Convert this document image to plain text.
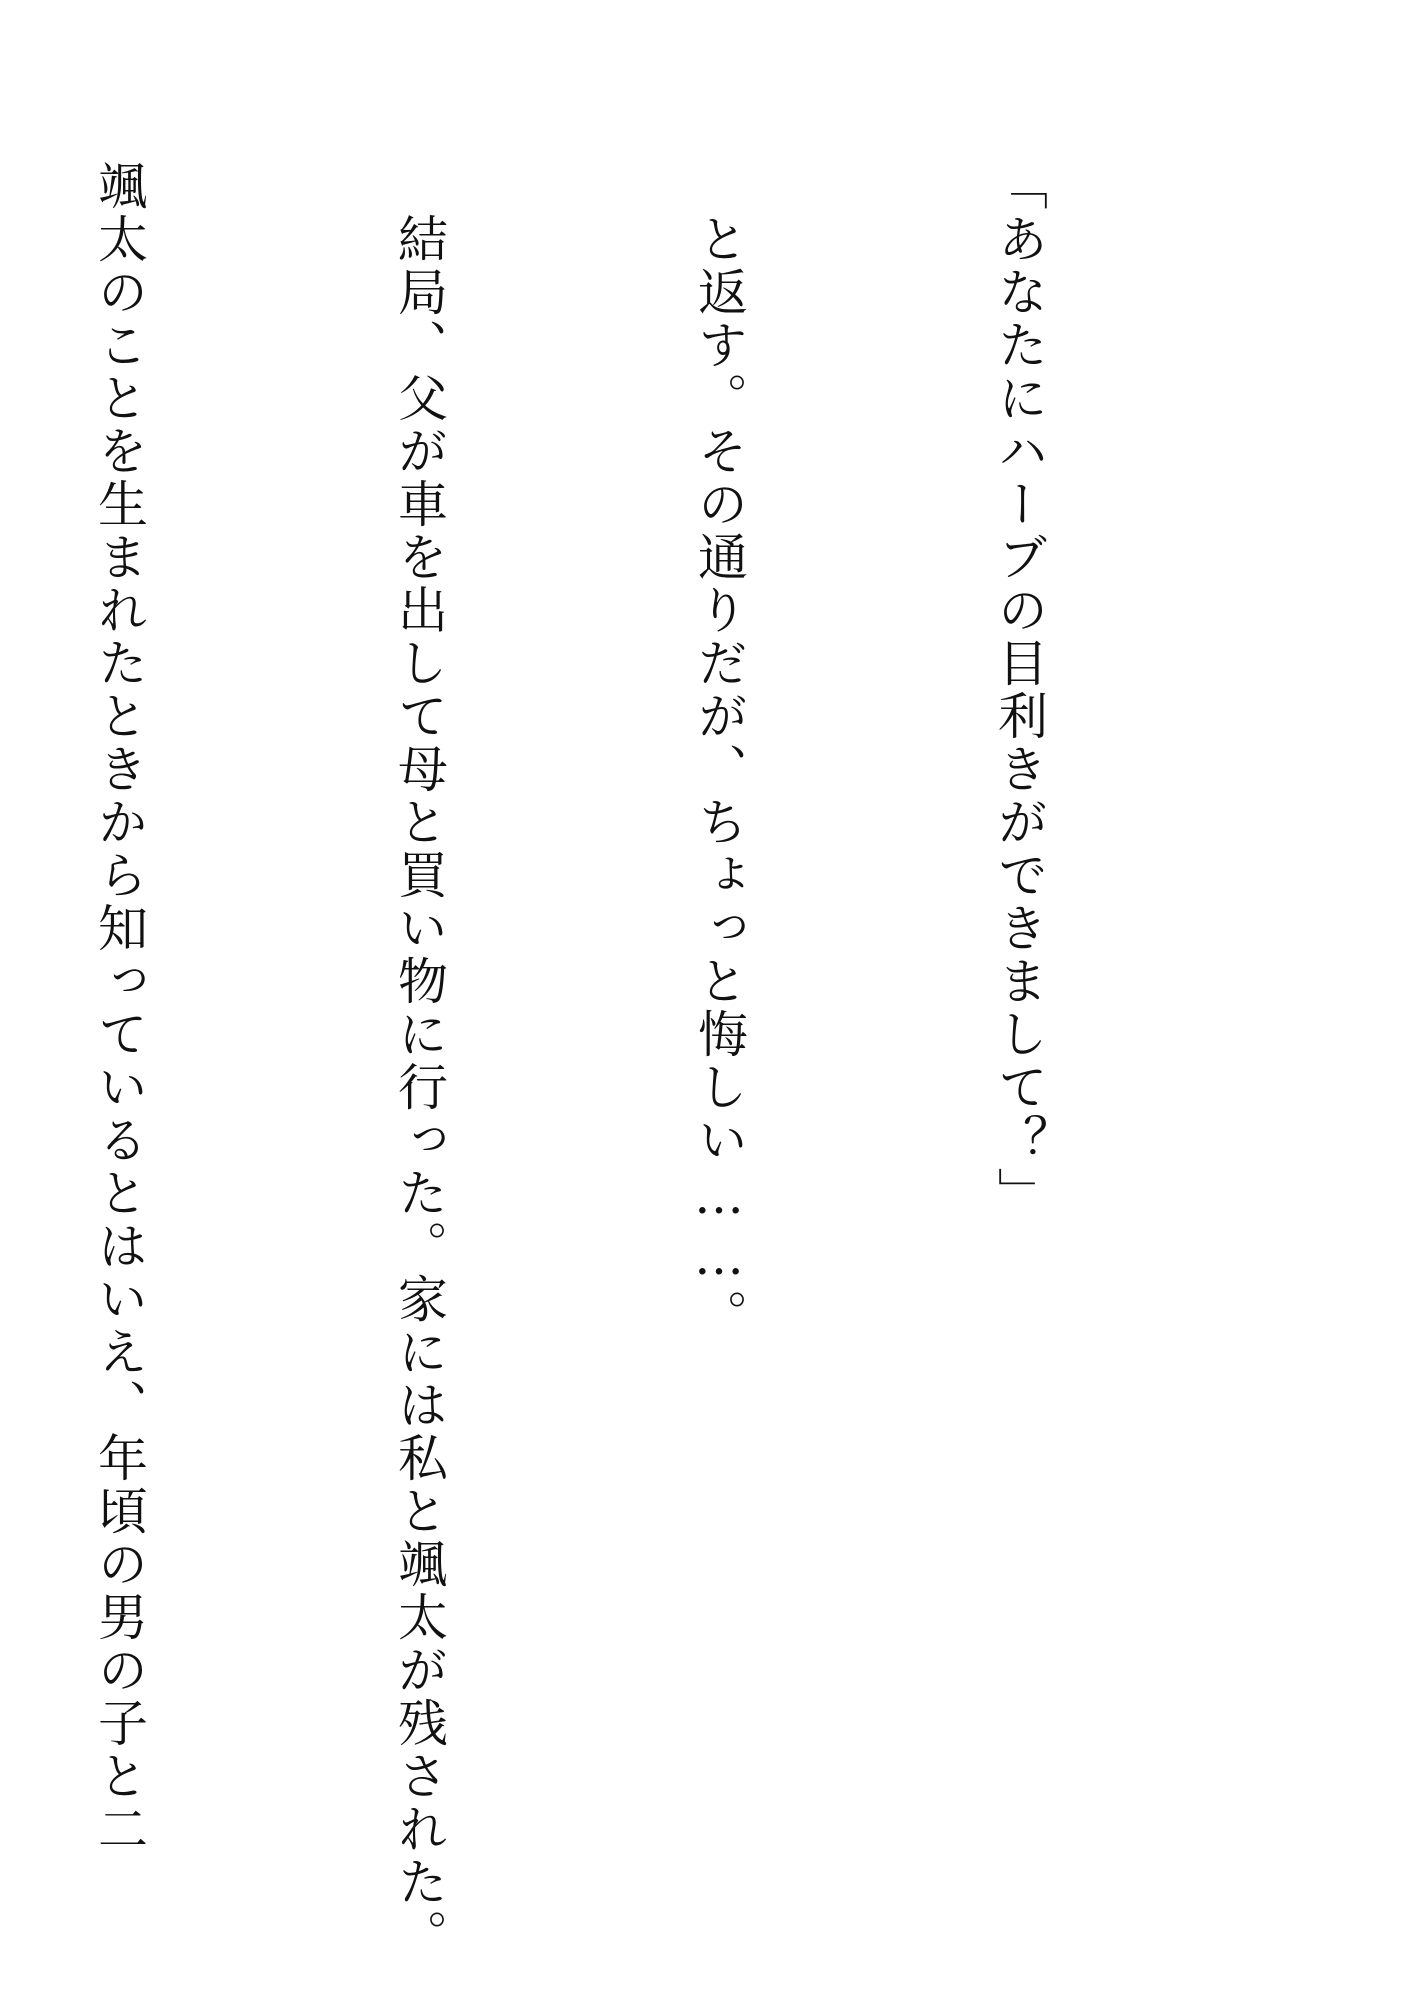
「あなたにハーブの目利きができまして？」

　と返す。その通りだが、ちょっと悔しい……。

　結局、父が車を出して母と買い物に行った。家には私と颯太が残された。

颯太のことを生まれたときから知っているとはいえ、年頃の男の子と二
